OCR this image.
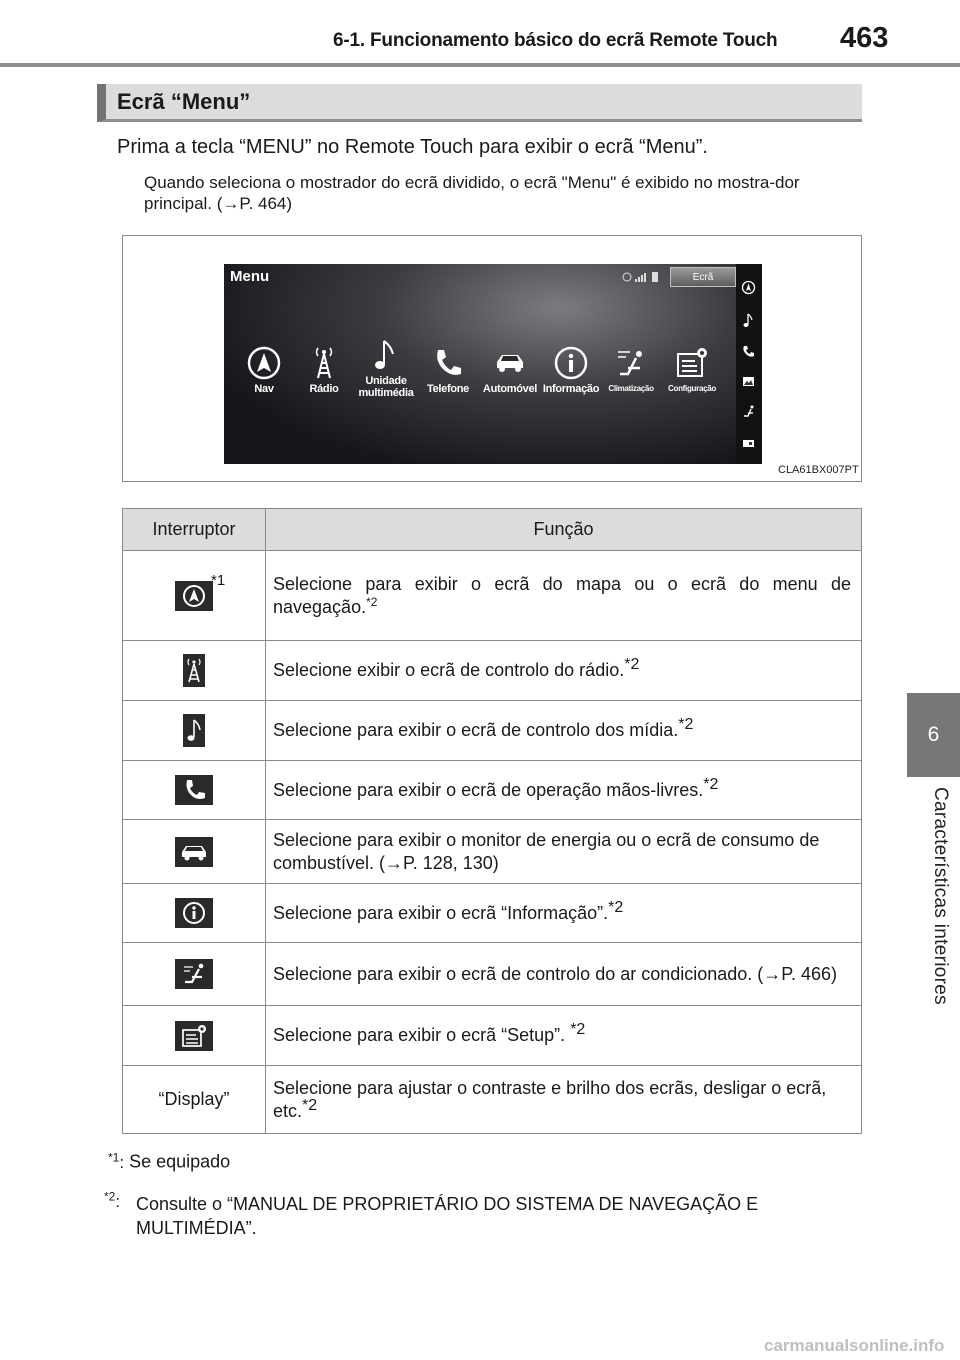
6-1. Funcionamento básico do ecrã Remote Touch 463
6
Características interiores
Ecrã “Menu”
Prima a tecla “MENU” no Remote Touch para exibir o ecrã “Menu”.
Quando seleciona o mostrador do ecrã dividido, o ecrã "Menu" é exibido no mostra-dor principal. (→P. 464)
Menu	Ecrã
Nav	Rádio
Unidade multimédia	Telefone	Automóvel Informação	Climatização	Configuração
CLA61BX007PT
Interruptor	Função

*1	Selecione para exibir o ecrã do mapa ou o ecrã do menu de navegação.$^{*2}$

	Selecione exibir o ecrã de controlo do rádio.*2

	Selecione para exibir o ecrã de controlo dos mídia.*2

	Selecione para exibir o ecrã de operação mãos-livres.*2

	Selecione para exibir o monitor de energia ou o ecrã de consumo de combustível. (→P. 128, 130)

	Selecione para exibir o ecrã “Informação”.*2

	Selecione para exibir o ecrã de controlo do ar condicionado. (→P. 466)

	Selecione para exibir o ecrã “Setup”. *2
“Display”	Selecione para ajustar o contraste e brilho dos ecrãs, desligar o ecrã, etc.*2
$^{*1}$: Se equipado
$^{*2}$: Consulte o “MANUAL DE PROPRIETÁRIO DO SISTEMA DE NAVEGAÇÃO E MULTIMÉDIA”.
carmanualsonline.info
